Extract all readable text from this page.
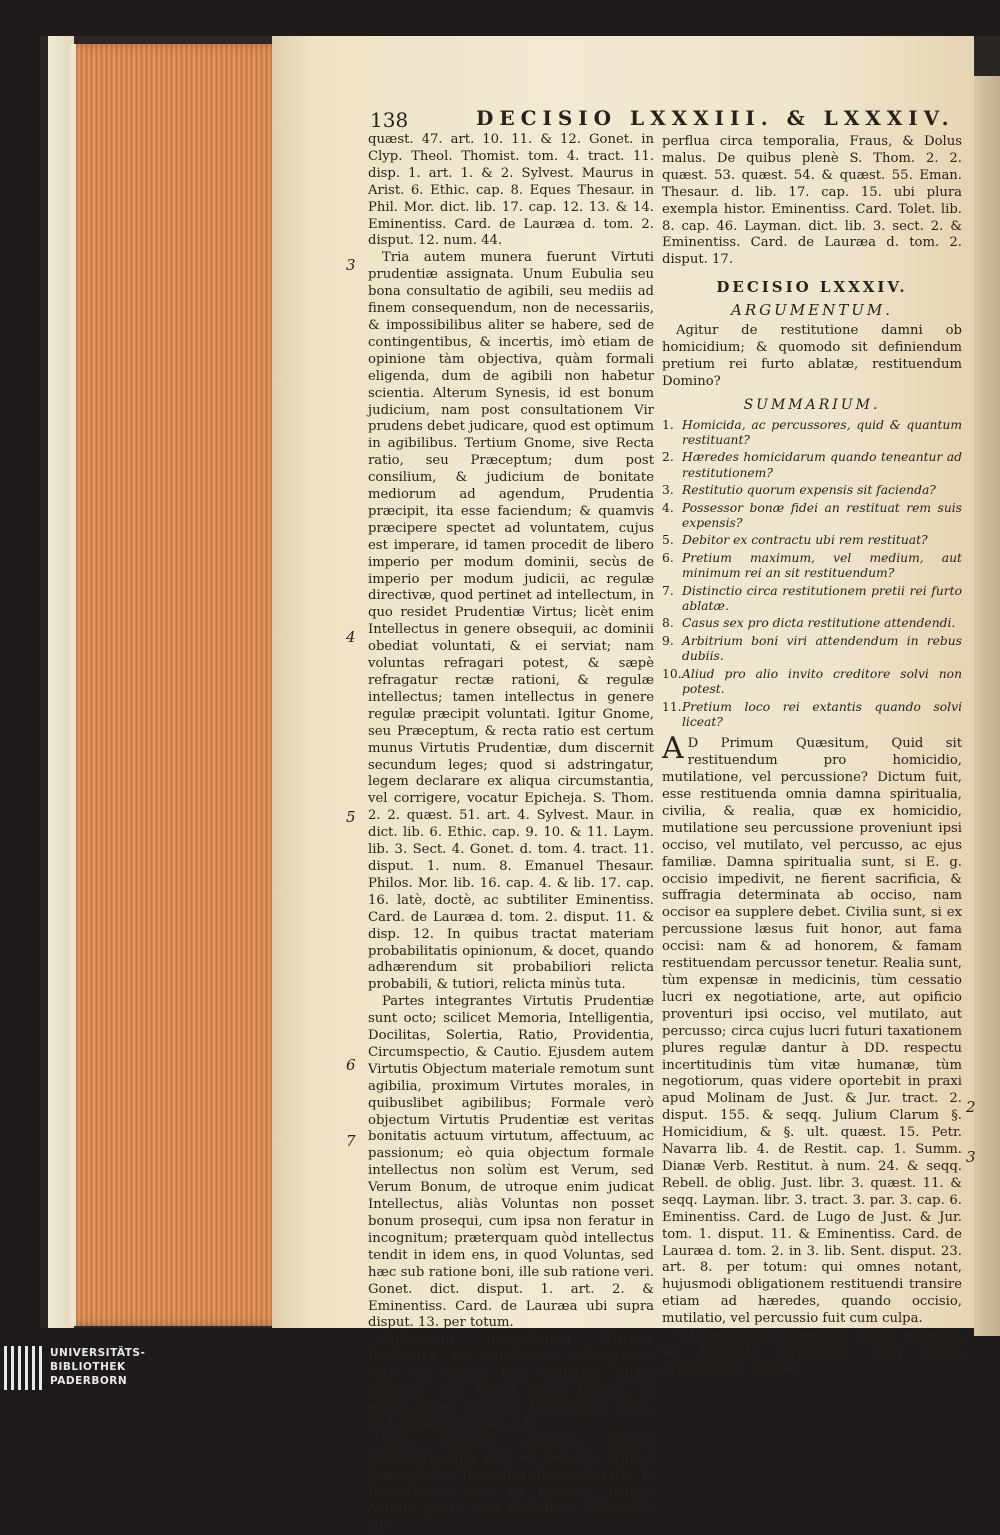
138	DECISIO LXXXIII. & LXXXIV.
3
4
5
6
7
2
3

quæst. 47. art. 10. 11. & 12. Gonet. in Clyp. Theol. Thomist. tom. 4. tract. 11. disp. 1. art. 1. & 2. Sylvest. Maurus in Arist. 6. Ethic. cap. 8. Eques Thesaur. in Phil. Mor. dict. lib. 17. cap. 12. 13. & 14. Eminentiss. Card. de Lauræa d. tom. 2. disput. 12. num. 44.

Tria autem munera fuerunt Virtuti prudentiæ assignata. Unum Eubulia seu bona consultatio de agibili, seu mediis ad finem consequendum, non de necessariis, & impossibilibus aliter se habere, sed de contingentibus, & incertis, imò etiam de opinione tàm objectiva, quàm formali eligenda, dum de agibili non habetur scientia. Alterum Synesis, id est bonum judicium, nam post consultationem Vir prudens debet judicare, quod est optimum in agibilibus. Tertium Gnome, sive Recta ratio, seu Præceptum; dum post consilium, & judicium de bonitate mediorum ad agendum, Prudentia præcipit, ita esse faciendum; & quamvis præcipere spectet ad voluntatem, cujus est imperare, id tamen procedit de libero imperio per modum dominii, secùs de imperio per modum judicii, ac regulæ directivæ, quod pertinet ad intellectum, in quo residet Prudentiæ Virtus; licèt enim Intellectus in genere obsequii, ac dominii obediat voluntati, & ei serviat; nam voluntas refragari potest, & sæpè refragatur rectæ rationi, & regulæ intellectus; tamen intellectus in genere regulæ præcipit voluntati. Igitur Gnome, seu Præceptum, & recta ratio est certum munus Virtutis Prudentiæ, dum discernit secundum leges; quod si adstringatur, legem declarare ex aliqua circumstantia, vel corrigere, vocatur Epicheja. S. Thom. 2. 2. quæst. 51. art. 4. Sylvest. Maur. in dict. lib. 6. Ethic. cap. 9. 10. & 11. Laym. lib. 3. Sect. 4. Gonet. d. tom. 4. tract. 11. disput. 1. num. 8. Emanuel Thesaur. Philos. Mor. lib. 16. cap. 4. & lib. 17. cap. 16. latè, doctè, ac subtiliter Eminentiss. Card. de Lauræa d. tom. 2. disput. 11. & disp. 12. In quibus tractat materiam probabilitatis opinionum, & docet, quando adhærendum sit probabiliori relicta probabili, & tutiori, relicta minùs tuta.

Partes integrantes Virtutis Prudentiæ sunt octo; scilicet Memoria, Intelligentia, Docilitas, Solertia, Ratio, Providentia, Circumspectio, & Cautio. Ejusdem autem Virtutis Objectum materiale remotum sunt agibilia, proximum Virtutes morales, in quibuslibet agibilibus; Formale verò objectum Virtutis Prudentiæ est veritas bonitatis actuum virtutum, affectuum, ac passionum; eò quia objectum formale intellectus non solùm est Verum, sed Verum Bonum, de utroque enim judicat Intellectus, aliàs Voluntas non posset bonum prosequi, cum ipsa non feratur in incognitum; præterquam quòd intellectus tendit in idem ens, in quod Voluntas, sed hæc sub ratione boni, ille sub ratione veri. Gonet. dict. disput. 1. art. 2. & Eminentiss. Card. de Lauræa ubi supra disput. 13. per totum.

Subjectum immediatum Virtutis Prudentiæ est intellectus: adæquatum verò est homo, tàm Superior, quàm subditus, tàm Viator, quàm Beatus, ac etiam Angeli in cœlo. Eminentiss. Card. de Lauræa ibid. disp. 14.

Vitia tandem opposita Virtuti Prudentiæ, alia sunt ex defectu; scilicet Præcipitatio, Temeritas, Inconsideratio, & Inconstantia; alia ex excessu, nempe Astutia prava, seu Calliditas, Solicitudo su-

perflua circa temporalia, Fraus, & Dolus malus. De quibus plenè S. Thom. 2. 2. quæst. 53. quæst. 54. & quæst. 55. Eman. Thesaur. d. lib. 17. cap. 15. ubi plura exempla histor. Eminentiss. Card. Tolet. lib. 8. cap. 46. Layman. dict. lib. 3. sect. 2. & Eminentiss. Card. de Lauræa d. tom. 2. disput. 17.

DECISIO LXXXIV.
ARGUMENTUM.

Agitur de restitutione damni ob homicidium; & quomodo sit definiendum pretium rei furto ablatæ, restituendum Domino?

SUMMARIUM.
1. Homicida, ac percussores, quid & quantum restituant?
2. Hæredes homicidarum quando teneantur ad restitutionem?
3. Restitutio quorum expensis sit facienda?
4. Possessor bonæ fidei an restituat rem suis expensis?
5. Debitor ex contractu ubi rem restituat?
6. Pretium maximum, vel medium, aut minimum rei an sit restituendum?
7. Distinctio circa restitutionem pretii rei furto ablatæ.
8. Casus sex pro dicta restitutione attendendi.
9. Arbitrium boni viri attendendum in rebus dubiis.
10.Aliud pro alio invito creditore solvi non potest.
11.Pretium loco rei extantis quando solvi liceat?

A D Primum Quæsitum, Quid sit restituendum pro homicidio, mutilatione, vel percussione? Dictum fuit, esse restituenda omnia damna spiritualia, civilia, & realia, quæ ex homicidio, mutilatione seu percussione proveniunt ipsi occiso, vel mutilato, vel percusso, ac ejus familiæ. Damna spiritualia sunt, si E. g. occisio impedivit, ne fierent sacrificia, & suffragia determinata ab occiso, nam occisor ea supplere debet. Civilia sunt, si ex percussione læsus fuit honor, aut fama occisi: nam & ad honorem, & famam restituendam percussor tenetur. Realia sunt, tùm expensæ in medicinis, tùm cessatio lucri ex negotiatione, arte, aut opificio proventuri ipsi occiso, vel mutilato, aut percusso; circa cujus lucri futuri taxationem plures regulæ dantur à DD. respectu incertitudinis tùm vitæ humanæ, tùm negotiorum, quas videre oportebit in praxi apud Molinam de Just. & Jur. tract. 2. disput. 155. & seqq. Julium Clarum §. Homicidium, & §. ult. quæst. 15. Petr. Navarra lib. 4. de Restit. cap. 1. Summ. Dianæ Verb. Restitut. à num. 24. & seqq. Rebell. de oblig. Just. libr. 3. quæst. 11. & seqq. Layman. libr. 3. tract. 3. par. 3. cap. 6. Eminentiss. Card. de Lugo de Just. & Jur. tom. 1. disput. 11. & Eminentiss. Card. de Lauræa d. tom. 2. in 3. lib. Sent. disput. 23. art. 8. per totum: qui omnes notant, hujusmodi obligationem restituendi transire etiam ad hæredes, quando occisio, mutilatio, vel percussio fuit cum culpa.

Ad Secundum Quæsitum. Cujus expensis sit facienda restitutio? Tres casus distinxerunt. Primus

UNIVERSITÄTS-
BIBLIOTHEK
PADERBORN
